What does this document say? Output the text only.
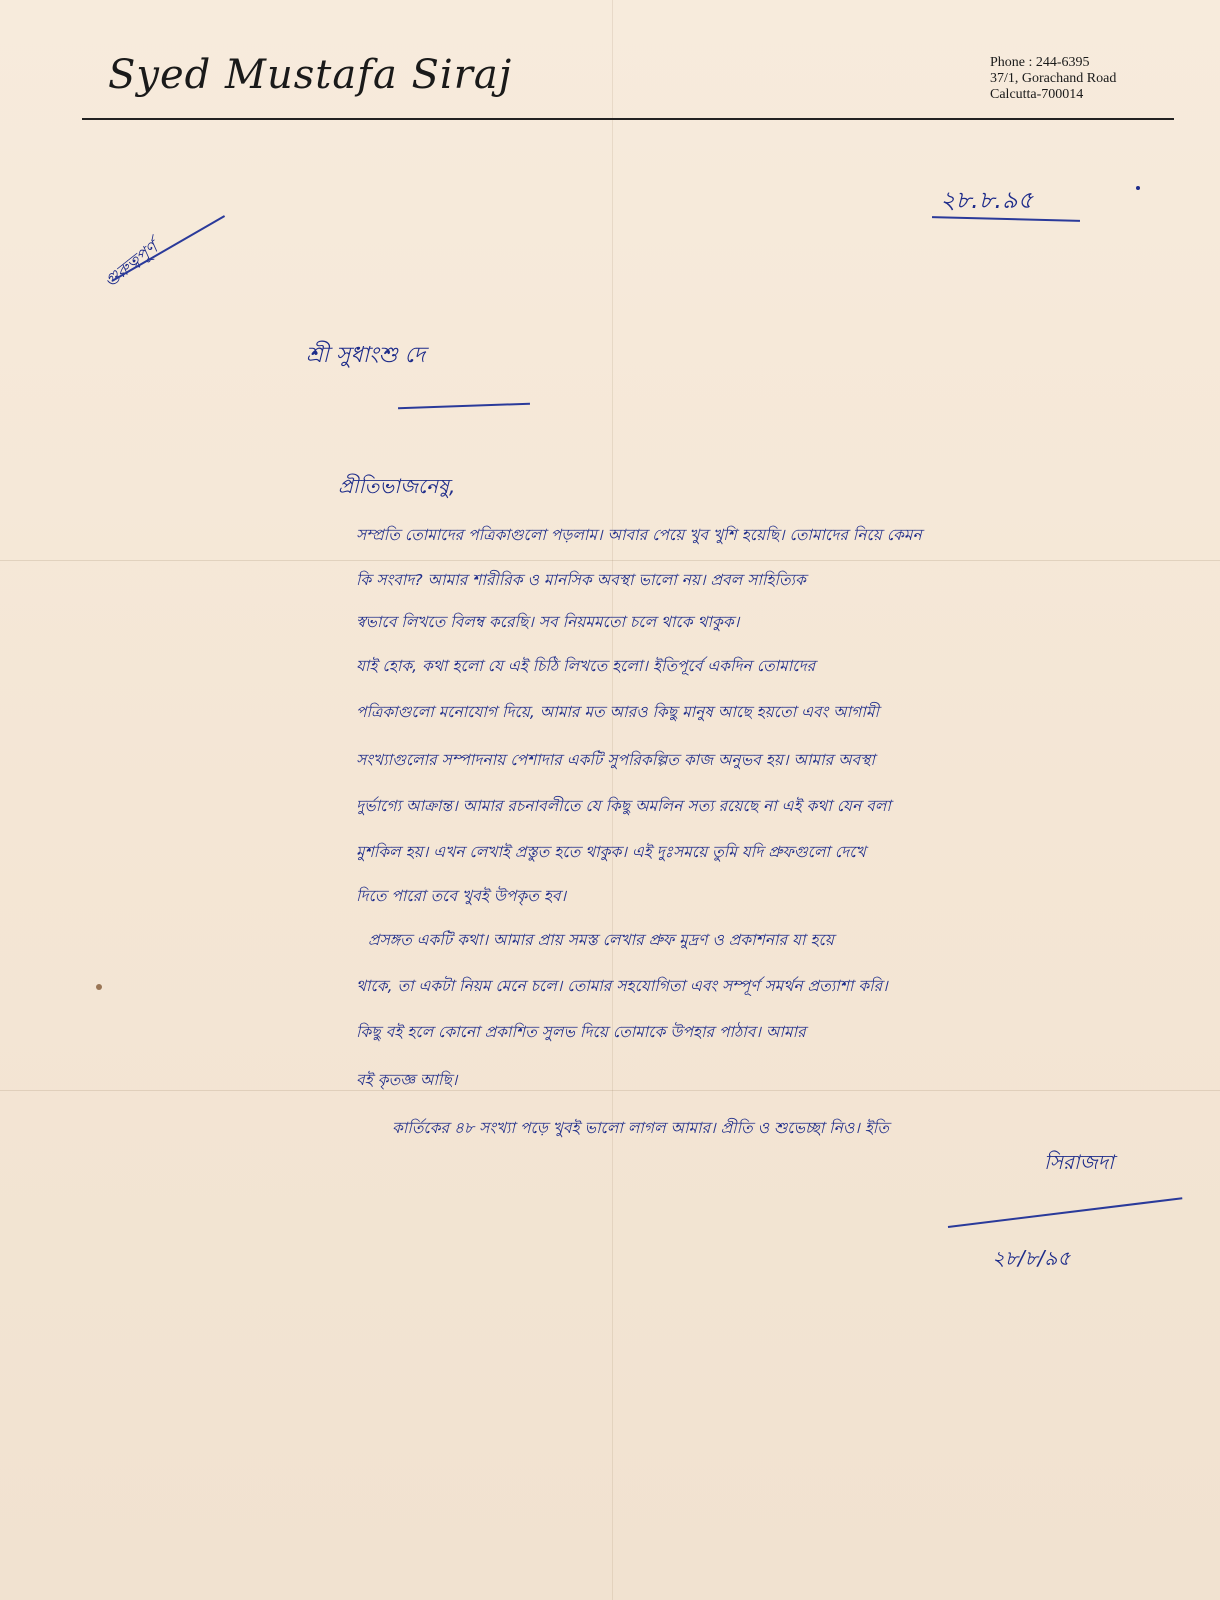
Syed Mustafa Siraj	Phone : 244-6395
37/1, Gorachand Road
Calcutta-700014
২৮.৮.৯৫
গুরুত্বপূর্ণ
শ্রী সুধাংশু দে
প্রীতিভাজনেষু,
সম্প্রতি তোমাদের পত্রিকাগুলো পড়লাম। আবার পেয়ে খুব খুশি হয়েছি। তোমাদের নিয়ে কেমন
কি সংবাদ? আমার শারীরিক ও মানসিক অবস্থা ভালো নয়। প্রবল সাহিত্যিক
স্বভাবে লিখতে বিলম্ব করেছি। সব নিয়মমতো চলে থাকে থাকুক।
যাই হোক, কথা হলো যে এই চিঠি লিখতে হলো। ইতিপূর্বে একদিন তোমাদের
পত্রিকাগুলো মনোযোগ দিয়ে, আমার মত আরও কিছু মানুষ আছে হয়তো এবং আগামী
সংখ্যাগুলোর সম্পাদনায় পেশাদার একটি সুপরিকল্পিত কাজ অনুভব হয়। আমার অবস্থা
দুর্ভাগ্যে আক্রান্ত। আমার রচনাবলীতে যে কিছু অমলিন সত্য রয়েছে না এই কথা যেন বলা
মুশকিল হয়। এখন লেখাই প্রস্তুত হতে থাকুক। এই দুঃসময়ে তুমি যদি প্রুফগুলো দেখে
দিতে পারো তবে খুবই উপকৃত হব।
প্রসঙ্গত একটি কথা। আমার প্রায় সমস্ত লেখার প্রুফ মুদ্রণ ও প্রকাশনার যা হয়ে
থাকে, তা একটা নিয়ম মেনে চলে। তোমার সহযোগিতা এবং সম্পূর্ণ সমর্থন প্রত্যাশা করি।
কিছু বই হলে কোনো প্রকাশিত সুলভ দিয়ে তোমাকে উপহার পাঠাব। আমার
বই কৃতজ্ঞ আছি।
কার্তিকের ৪৮ সংখ্যা পড়ে খুবই ভালো লাগল আমার। প্রীতি ও শুভেচ্ছা নিও। ইতি
সিরাজদা
২৮/৮/৯৫
